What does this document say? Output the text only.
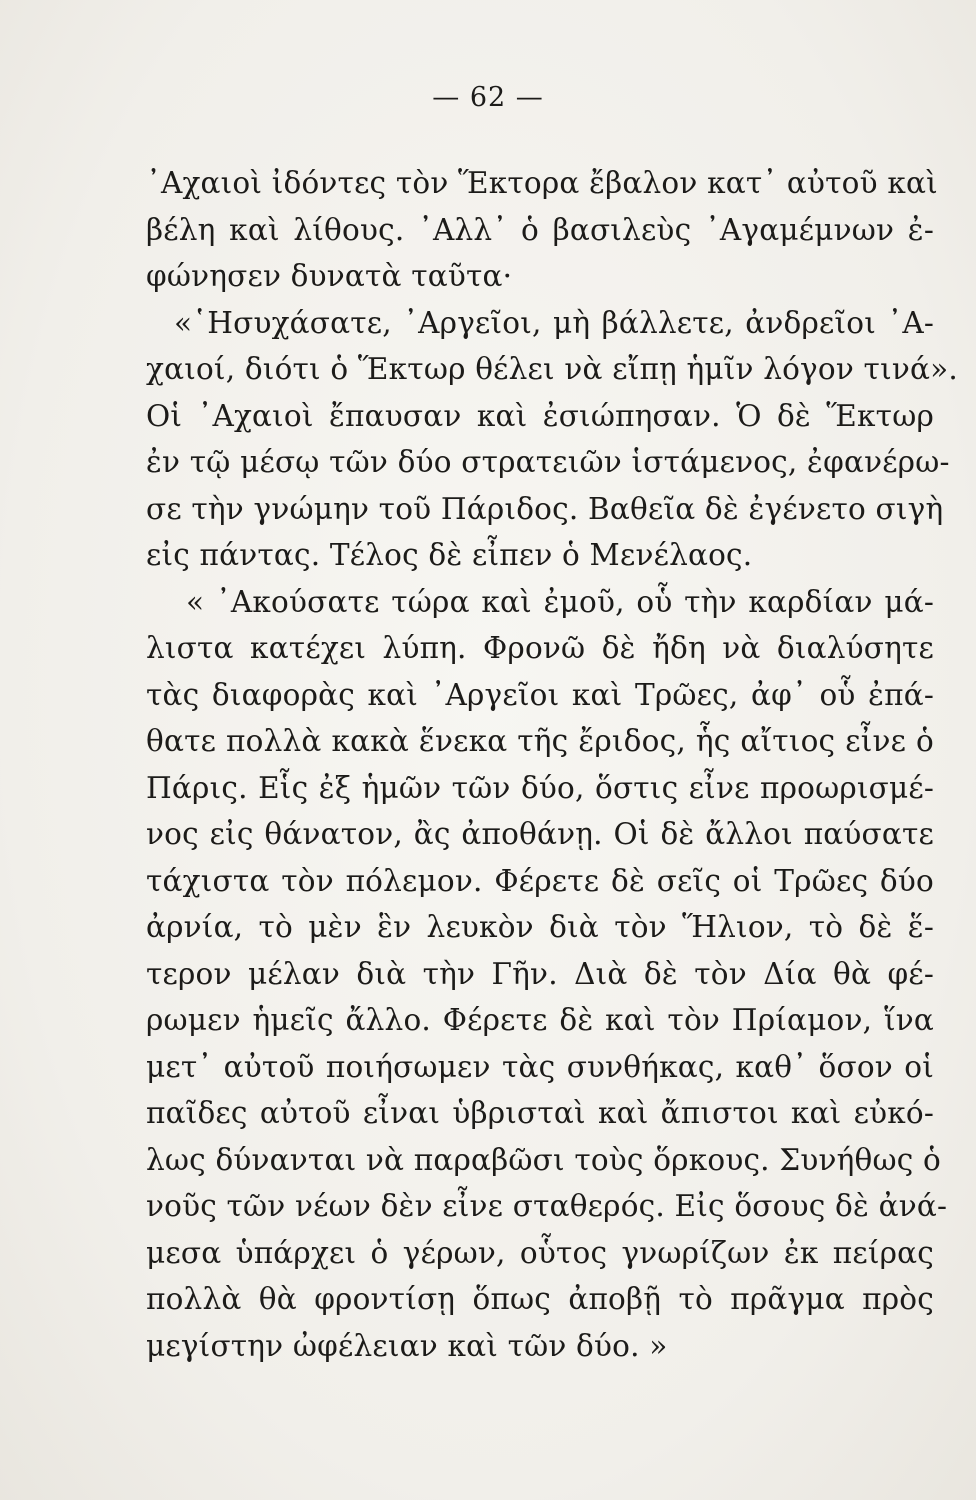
— 62 —
᾿Αχαιοὶ ἰδόντες τὸν Ἕκτορα ἔβαλον κατ᾿ αὐτοῦ καὶ
βέλη καὶ λίθους. ᾿Αλλ᾿ ὁ βασιλεὺς ᾿Αγαμέμνων ἐ-
φώνησεν δυνατὰ ταῦτα·
«῾Ησυχάσατε, ᾿Αργεῖοι, μὴ βάλλετε, ἀνδρεῖοι ᾿Α-
χαιοί, διότι ὁ Ἕκτωρ θέλει νὰ εἴπῃ ἡμῖν λόγον τινά».
Οἱ ᾿Αχαιοὶ ἔπαυσαν καὶ ἐσιώπησαν. Ὁ δὲ Ἕκτωρ
ἐν τῷ μέσῳ τῶν δύο στρατειῶν ἱστάμενος, ἐφανέρω-
σε τὴν γνώμην τοῦ Πάριδος. Βαθεῖα δὲ ἐγένετο σιγὴ
εἰς πάντας. Τέλος δὲ εἶπεν ὁ Μενέλαος.
« ᾿Ακούσατε τώρα καὶ ἐμοῦ, οὗ τὴν καρδίαν μά-
λιστα κατέχει λύπη. Φρονῶ δὲ ἤδη νὰ διαλύσητε
τὰς διαφορὰς καὶ ᾿Αργεῖοι καὶ Τρῶες, ἀφ᾿ οὗ ἐπά-
θατε πολλὰ κακὰ ἕνεκα τῆς ἔριδος, ἧς αἴτιος εἶνε ὁ
Πάρις. Εἷς ἐξ ἡμῶν τῶν δύο, ὅστις εἶνε προωρισμέ-
νος εἰς θάνατον, ἂς ἀποθάνῃ. Οἱ δὲ ἄλλοι παύσατε
τάχιστα τὸν πόλεμον. Φέρετε δὲ σεῖς οἱ Τρῶες δύο
ἀρνία, τὸ μὲν ἓν λευκὸν διὰ τὸν Ἥλιον, τὸ δὲ ἕ-
τερον μέλαν διὰ τὴν Γῆν. Διὰ δὲ τὸν Δία θὰ φέ-
ρωμεν ἡμεῖς ἄλλο. Φέρετε δὲ καὶ τὸν Πρίαμον, ἵνα
μετ᾿ αὐτοῦ ποιήσωμεν τὰς συνθήκας, καθ᾿ ὅσον οἱ
παῖδες αὐτοῦ εἶναι ὑβρισταὶ καὶ ἄπιστοι καὶ εὐκό-
λως δύνανται νὰ παραβῶσι τοὺς ὅρκους. Συνήθως ὁ
νοῦς τῶν νέων δὲν εἶνε σταθερός. Εἰς ὅσους δὲ ἀνά-
μεσα ὑπάρχει ὁ γέρων, οὗτος γνωρίζων ἐκ πείρας
πολλὰ θὰ φροντίσῃ ὅπως ἀποβῇ τὸ πρᾶγμα πρὸς
μεγίστην ὠφέλειαν καὶ τῶν δύο. »
